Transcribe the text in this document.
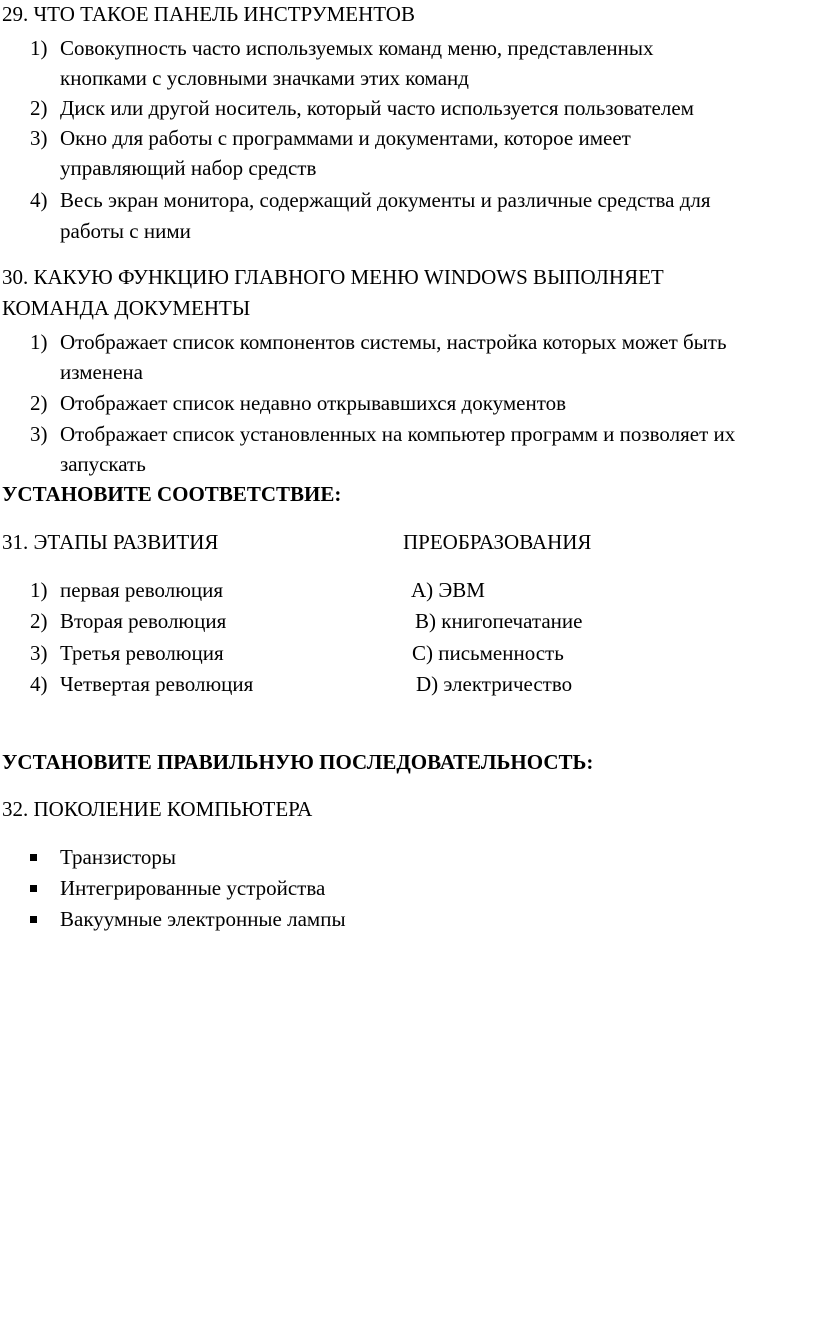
29. ЧТО ТАКОЕ ПАНЕЛЬ ИНСТРУМЕНТОВ
1) Совокупность часто используемых команд меню, представленных
кнопками с условными значками этих команд
2) Диск или другой носитель, который часто используется пользователем
3) Окно для работы с программами и документами, которое имеет
управляющий набор средств
4) Весь экран монитора, содержащий документы и различные средства для
работы с ними
30. КАКУЮ ФУНКЦИЮ ГЛАВНОГО МЕНЮ WINDOWS ВЫПОЛНЯЕТ
КОМАНДА ДОКУМЕНТЫ
1) Отображает список компонентов системы, настройка которых может быть
изменена
2) Отображает список недавно открывавшихся документов
3) Отображает список установленных на компьютер программ и позволяет их
запускать
УСТАНОВИТЕ СООТВЕТСТВИЕ:
31. ЭТАПЫ РАЗВИТИЯ	ПРЕОБРАЗОВАНИЯ
1) первая революция	А) ЭВМ
2) Вторая революция	В) книгопечатание
3) Третья революция	С) письменность
4) Четвертая революция	D) электричество
УСТАНОВИТЕ ПРАВИЛЬНУЮ ПОСЛЕДОВАТЕЛЬНОСТЬ:
32. ПОКОЛЕНИЕ КОМПЬЮТЕРА
Транзисторы
Интегрированные устройства
Вакуумные электронные лампы
